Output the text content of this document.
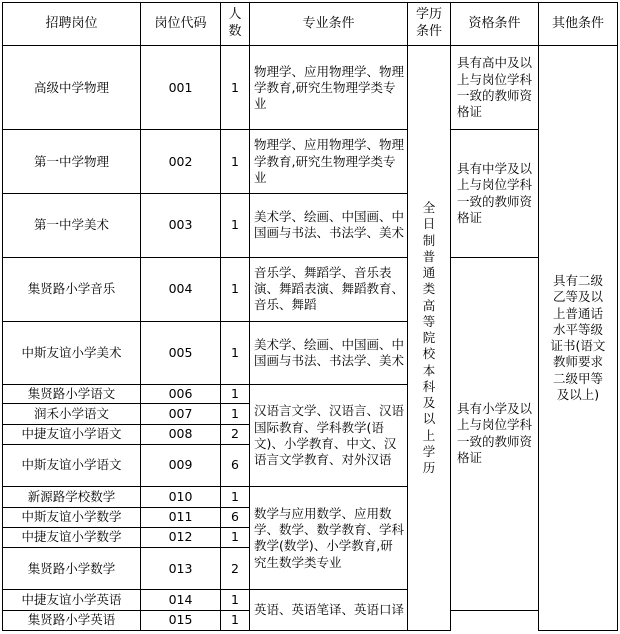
招聘岗位	岗位代码	人数	专业条件	学历条件	资格条件	其他条件
高级中学物理	001	1	物理学、应用物理学、物理学教育,研究生物理学类专业	全日制普通类高等院校本科及以上学历	具有高中及以上与岗位学科一致的教师资格证	具有二级乙等及以上普通话水平等级证书(语文教师要求二级甲等及以上)
第一中学物理	002	1	物理学、应用物理学、物理学教育,研究生物理学类专业		具有中学及以上与岗位学科一致的教师资格证	
第一中学美术	003	1	美术学、绘画、中国画、中国画与书法、书法学、美术			
集贤路小学音乐	004	1	音乐学、舞蹈学、音乐表演、舞蹈表演、舞蹈教育、音乐、舞蹈		具有小学及以上与岗位学科一致的教师资格证	
中斯友谊小学美术	005	1	美术学、绘画、中国画、中国画与书法、书法学、美术			
集贤路小学语文	006	1	汉语言文学、汉语言、汉语国际教育、学科教学(语文)、小学教育、中文、汉语言文学教育、对外汉语			
润禾小学语文	007	1				
中捷友谊小学语文	008	2				
中斯友谊小学语文	009	6				
新源路学校数学	010	1	数学与应用数学、应用数学、数学、数学教育、学科教学(数学)、小学教育,研究生数学类专业			
中斯友谊小学数学	011	6				
中捷友谊小学数学	012	1				
集贤路小学数学	013	2				
中捷友谊小学英语	014	1	英语、英语笔译、英语口译			
集贤路小学英语	015	1				
